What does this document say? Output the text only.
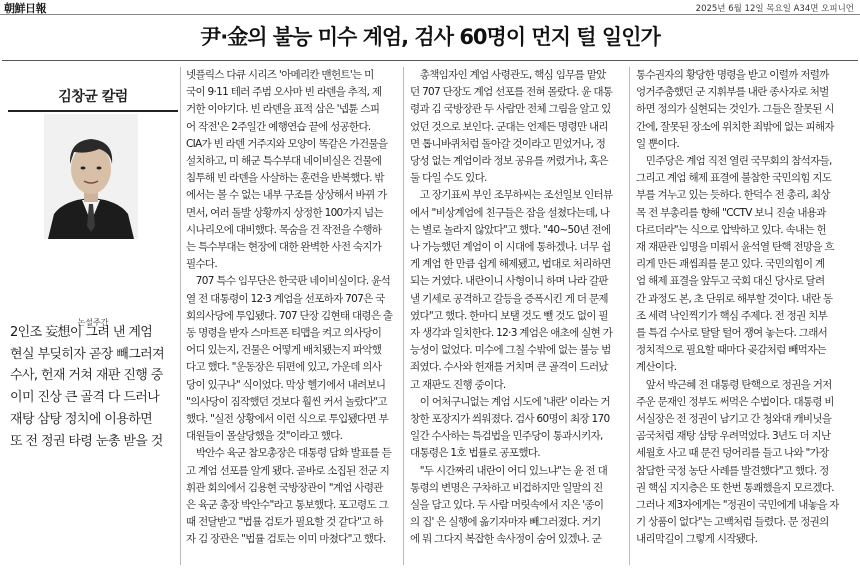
朝鮮日報	2025년 6월 12일 목요일 A34면 오피니언
尹·金의 불능 미수 계엄, 검사 60명이 먼지 털 일인가
김창균 칼럼
논설주간
2인조 妄想이 그려 낸 계엄
현실 부딪히자 곧장 빼그러져
수사, 헌재 거쳐 재판 진행 중
이미 진상 큰 골격 다 드러나
재탕 삼탕 정치에 이용하면
또 전 정권 타령 눈총 받을 것
넷플릭스 다큐 시리즈 '아메리칸 맨헌트'는 미
국이 9·11 테러 주범 오사마 빈 라덴을 추적, 제
거한 이야기다. 빈 라덴을 표적 삼은 '넵튠 스피
어 작전'은 2주일간 예행연습 끝에 성공한다.
CIA가 빈 라덴 거주지와 모양이 똑같은 가건물을
설치하고, 미 해군 특수부대 네이비실은 건물에
침투해 빈 라덴을 사살하는 훈련을 반복했다. 밖
에서는 볼 수 없는 내부 구조를 상상해서 바뀌 가
면서, 여러 돌발 상황까지 상정한 100가지 넘는
시나리오에 대비했다. 목숨을 건 작전을 수행하
는 특수부대는 현장에 대한 완벽한 사전 숙지가
필수다.
　707 특수 임무단은 한국판 네이비실이다. 윤석
열 전 대통령이 12·3 계엄을 선포하자 707은 국
회의사당에 투입됐다. 707 단장 김현태 대령은 출
동 명령을 받자 스마트폰 티맵을 켜고 의사당이
어디 있는지, 건물은 어떻게 배치됐는지 파악했
다고 했다. "운동장은 뒤편에 있고, 가운데 의사
당이 있구나" 식이었다. 막상 헬기에서 내려보니
"의사당이 짐작했던 것보다 훨씬 커서 놀랐다"고
했다. "실전 상황에서 이런 식으로 투입됐다면 부
대원들이 몰살당했을 것"이라고 했다.
　박안수 육군 참모총장은 대통령 담화 발표를 듣
고 계엄 선포를 알게 됐다. 곧바로 소집된 전군 지
휘관 회의에서 김용현 국방장관이 "계엄 사령관
은 육군 총장 박안수"라고 통보했다. 포고령도 그
때 전달받고 "법률 검토가 필요할 것 같다"고 하
자 김 장관은 "법률 검토는 이미 마쳤다"고 했다.
　총책임자인 계엄 사령관도, 핵심 임무를 맡았
던 707 단장도 계엄 선포를 전혀 몰랐다. 윤 대통
령과 김 국방장관 두 사람만 전체 그림을 알고 있
었던 것으로 보인다. 군대는 언제든 명령만 내리
면 톱니바퀴처럼 돌아갈 것이라고 믿었거나, 정
당성 없는 계엄이라 정보 공유를 꺼렸거나, 혹은
둘 다일 수도 있다.
　고 장기표씨 부인 조무하씨는 조선일보 인터뷰
에서 "비상계엄에 친구들은 잠을 설쳤다는데, 나
는 별로 놀라지 않았다"고 했다. "40~50년 전에
나 가능했던 계엄이 이 시대에 통하겠나. 너무 쉽
게 계엄 한 만큼 쉽게 해제됐고, 법대로 처리하면
되는 거였다. 내란이니 사형이니 하며 나라 갈판
낼 기세로 공격하고 갈등을 증폭시킨 게 더 문제
였다"고 했다. 한마디 보탤 것도 뺄 것도 없이 필
자 생각과 일치한다. 12·3 계엄은 애초에 실현 가
능성이 없었다. 미수에 그칠 수밖에 없는 불능 범
죄였다. 수사와 헌재를 거치며 큰 골격이 드러났
고 재판도 진행 중이다.
　이 어처구니없는 계엄 시도에 '내란' 이라는 거
창한 포장지가 씌워졌다. 검사 60명이 최장 170
일간 수사하는 특검법을 민주당이 통과시키자,
대통령은 1호 법률로 공포했다.
　"두 시간짜리 내란이 어디 있느냐"는 윤 전 대
통령의 변명은 구차하고 비겁하지만 일말의 진
실을 담고 있다. 두 사람 머릿속에서 지은 '종이
의 집' 은 실행에 옮기자마자 빼그러졌다. 거기
에 뭐 그다지 복잡한 속사정이 숨어 있겠나. 군
통수권자의 황당한 명령을 받고 이럴까 저럴까
엉거주춤했던 군 지휘부를 내란 종사자로 처벌
하면 정의가 실현되는 것인가. 그들은 잘못된 시
간에, 잘못된 장소에 위치한 죄밖에 없는 피해자
일 뿐이다.
　민주당은 계엄 직전 열린 국무회의 참석자들,
그리고 계엄 해제 표결에 불참한 국민의힘 지도
부를 겨누고 있는 듯하다. 한덕수 전 총리, 최상
목 전 부총리를 향해 "CCTV 보니 진술 내용과
다르더라"는 식으로 압박하고 있다. 속내는 헌
재 재판관 임명을 미뤄서 윤석열 탄핵 전망을 흐
리게 만든 괘씸죄를 묻고 있다. 국민의힘이 계
엄 해제 표결을 앞두고 국회 대신 당사로 달려
간 과정도 본, 초 단위로 해부할 것이다. 내란 동
조 세력 낙인찍기가 핵심 주제다. 전 정권 치부
를 특검 수사로 탈탈 털어 쟁여 놓는다. 그래서
정치적으로 필요할 때마다 곶감처럼 빼먹자는
계산이다.
　앞서 박근혜 전 대통령 탄핵으로 정권을 거저
주운 문재인 정부도 써먹은 수법이다. 대통령 비
서실장은 전 정권이 남기고 간 청와대 캐비닛을
곰국처럼 재탕 삼탕 우려먹었다. 3년도 더 지난
세월호 사고 때 문건 덩어리를 들고 나와 "가장
참담한 국정 농단 사례를 발견했다"고 했다. 정
권 핵심 지지층은 또 한번 통쾌했을지 모르겠다.
그러나 제3자에게는 "정권이 국민에게 내놓을 자
기 상품이 없다"는 고백처럼 들렸다. 문 정권의
내리막길이 그렇게 시작됐다.
